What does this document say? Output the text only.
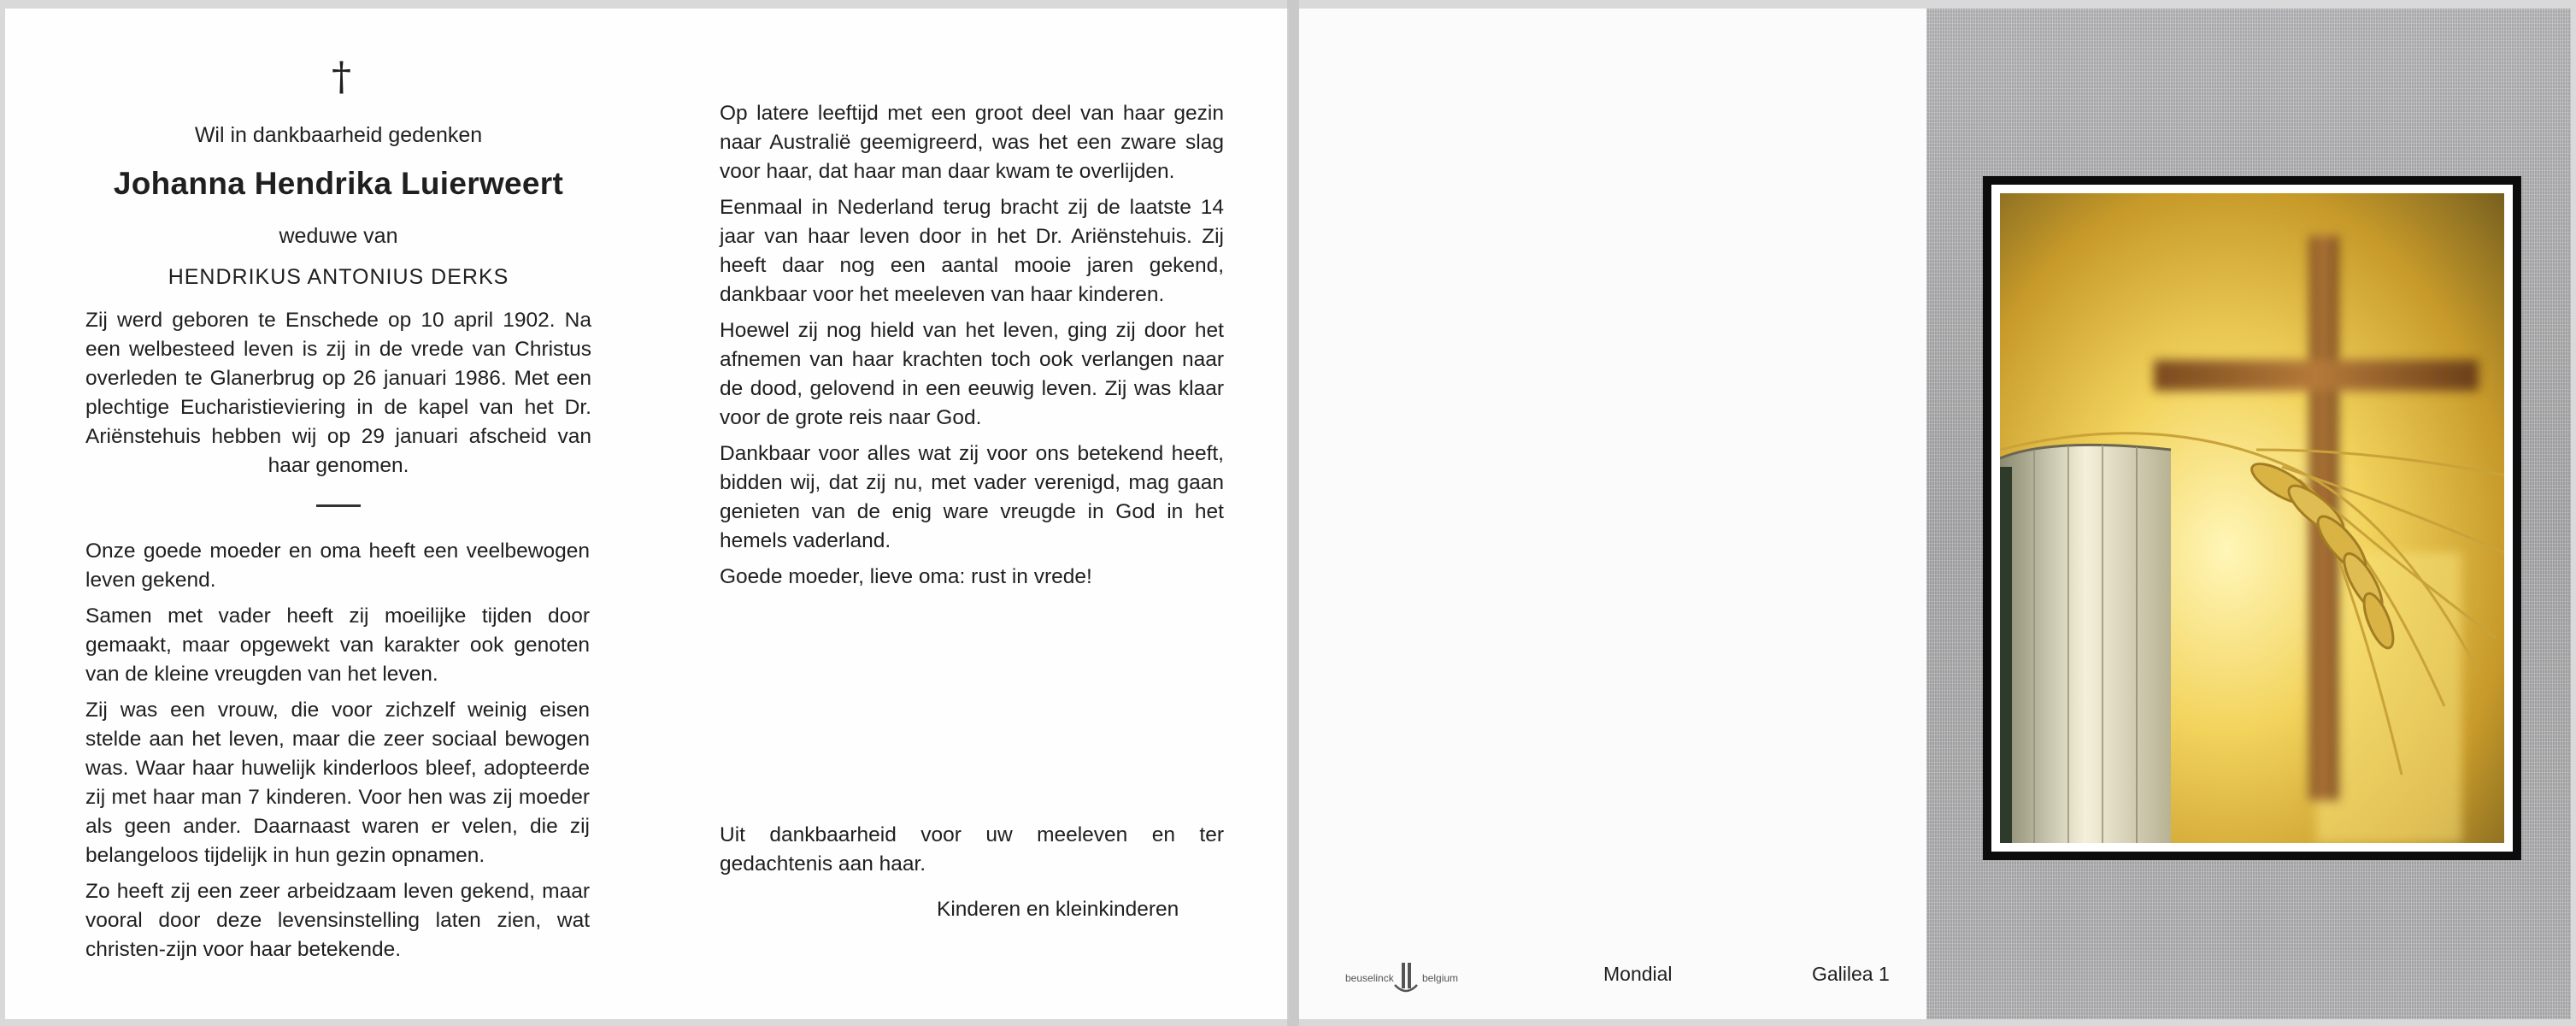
†
Wil in dankbaarheid gedenken
Johanna Hendrika Luierweert
weduwe van
HENDRIKUS ANTONIUS DERKS
Zij werd geboren te Enschede op 10 april 1902. Na een welbesteed leven is zij in de vrede van Christus overleden te Glanerbrug op 26 januari 1986. Met een plechtige Eucharistieviering in de kapel van het Dr. Ariënstehuis hebben wij op 29 januari afscheid van haar genomen.

Onze goede moeder en oma heeft een veelbewogen leven gekend.

Samen met vader heeft zij moeilijke tijden door gemaakt, maar opgewekt van karakter ook genoten van de kleine vreugden van het leven.

Zij was een vrouw, die voor zichzelf weinig eisen stelde aan het leven, maar die zeer sociaal bewogen was. Waar haar huwelijk kinderloos bleef, adopteerde zij met haar man 7 kinderen. Voor hen was zij moeder als geen ander. Daarnaast waren er velen, die zij belangeloos tijdelijk in hun gezin opnamen.

Zo heeft zij een zeer arbeidzaam leven gekend, maar vooral door deze levensinstelling laten zien, wat christen-zijn voor haar betekende.

Op latere leeftijd met een groot deel van haar gezin naar Australië geemigreerd, was het een zware slag voor haar, dat haar man daar kwam te overlijden.

Eenmaal in Nederland terug bracht zij de laatste 14 jaar van haar leven door in het Dr. Ariënstehuis. Zij heeft daar nog een aantal mooie jaren gekend, dankbaar voor het meeleven van haar kinderen.

Hoewel zij nog hield van het leven, ging zij door het afnemen van haar krachten toch ook verlangen naar de dood, gelovend in een eeuwig leven. Zij was klaar voor de grote reis naar God.

Dankbaar voor alles wat zij voor ons betekend heeft, bidden wij, dat zij nu, met vader verenigd, mag gaan genieten van de enig ware vreugde in God in het hemels vaderland.

Goede moeder, lieve oma: rust in vrede!

Uit dankbaarheid voor uw meeleven en ter gedachtenis aan haar.
Kinderen en kleinkinderen
beuselinck	belgium	Mondial	Galilea 1
